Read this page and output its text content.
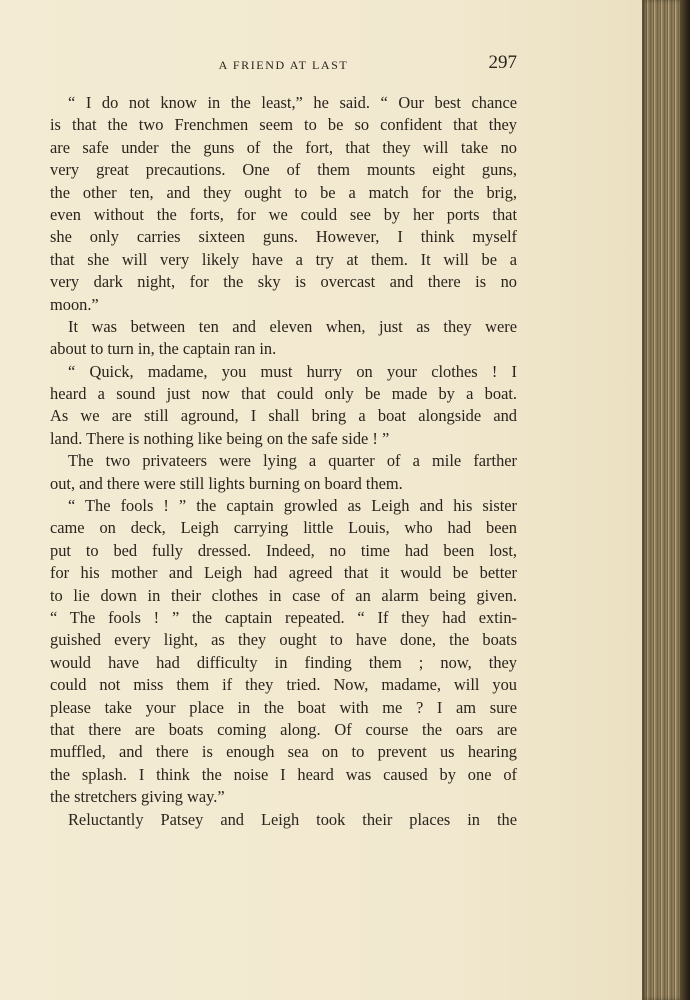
A FRIEND AT LAST	297
“ I do not know in the least,” he said. “ Our best chance
is that the two Frenchmen seem to be so confident that they
are safe under the guns of the fort, that they will take no
very great precautions. One of them mounts eight guns,
the other ten, and they ought to be a match for the brig,
even without the forts, for we could see by her ports that
she only carries sixteen guns. However, I think myself
that she will very likely have a try at them. It will be a
very dark night, for the sky is overcast and there is no
moon.”
It was between ten and eleven when, just as they were
about to turn in, the captain ran in.
“ Quick, madame, you must hurry on your clothes ! I
heard a sound just now that could only be made by a boat.
As we are still aground, I shall bring a boat alongside and
land. There is nothing like being on the safe side ! ”
The two privateers were lying a quarter of a mile farther
out, and there were still lights burning on board them.
“ The fools ! ” the captain growled as Leigh and his sister
came on deck, Leigh carrying little Louis, who had been
put to bed fully dressed. Indeed, no time had been lost,
for his mother and Leigh had agreed that it would be better
to lie down in their clothes in case of an alarm being given.
“ The fools ! ” the captain repeated. “ If they had extin-
guished every light, as they ought to have done, the boats
would have had difficulty in finding them ; now, they
could not miss them if they tried. Now, madame, will you
please take your place in the boat with me ? I am sure
that there are boats coming along. Of course the oars are
muffled, and there is enough sea on to prevent us hearing
the splash. I think the noise I heard was caused by one of
the stretchers giving way.”
Reluctantly Patsey and Leigh took their places in the
